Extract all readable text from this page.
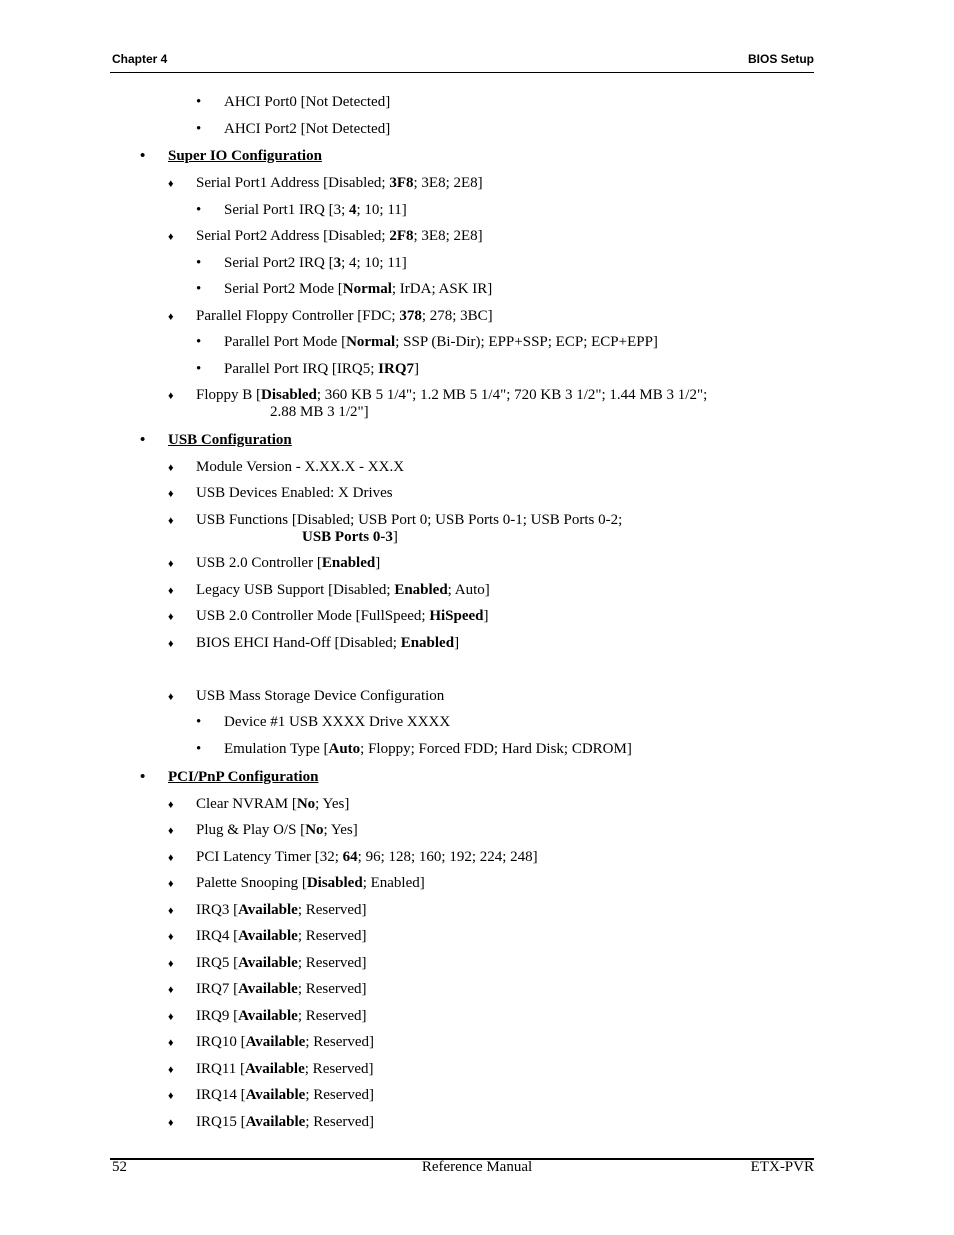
Chapter 4	BIOS Setup
• AHCI Port0 [Not Detected]
• AHCI Port2 [Not Detected]
• Super IO Configuration
♦ Serial Port1 Address [Disabled; 3F8; 3E8; 2E8]
• Serial Port1 IRQ [3; 4; 10; 11]
♦ Serial Port2 Address [Disabled; 2F8; 3E8; 2E8]
• Serial Port2 IRQ [3; 4; 10; 11]
• Serial Port2 Mode [Normal; IrDA; ASK IR]
♦ Parallel Floppy Controller [FDC; 378; 278; 3BC]
• Parallel Port Mode [Normal; SSP (Bi-Dir); EPP+SSP; ECP; ECP+EPP]
• Parallel Port IRQ [IRQ5; IRQ7]
♦ Floppy B [Disabled; 360 KB 5 1/4"; 1.2 MB 5 1/4"; 720 KB 3 1/2"; 1.44 MB 3 1/2";
2.88 MB 3 1/2"]
• USB Configuration
♦ Module Version - X.XX.X - XX.X
♦ USB Devices Enabled: X Drives
♦ USB Functions [Disabled; USB Port 0; USB Ports 0-1; USB Ports 0-2;
USB Ports 0-3]
♦ USB 2.0 Controller [Enabled]
♦ Legacy USB Support [Disabled; Enabled; Auto]
♦ USB 2.0 Controller Mode [FullSpeed; HiSpeed]
♦ BIOS EHCI Hand-Off [Disabled; Enabled]
♦ USB Mass Storage Device Configuration
• Device #1 USB XXXX Drive XXXX
• Emulation Type [Auto; Floppy; Forced FDD; Hard Disk; CDROM]
• PCI/PnP Configuration
♦ Clear NVRAM [No; Yes]
♦ Plug & Play O/S [No; Yes]
♦ PCI Latency Timer [32; 64; 96; 128; 160; 192; 224; 248]
♦ Palette Snooping [Disabled; Enabled]
♦ IRQ3 [Available; Reserved]
♦ IRQ4 [Available; Reserved]
♦ IRQ5 [Available; Reserved]
♦ IRQ7 [Available; Reserved]
♦ IRQ9 [Available; Reserved]
♦ IRQ10 [Available; Reserved]
♦ IRQ11 [Available; Reserved]
♦ IRQ14 [Available; Reserved]
♦ IRQ15 [Available; Reserved]
52	Reference Manual	ETX-PVR
